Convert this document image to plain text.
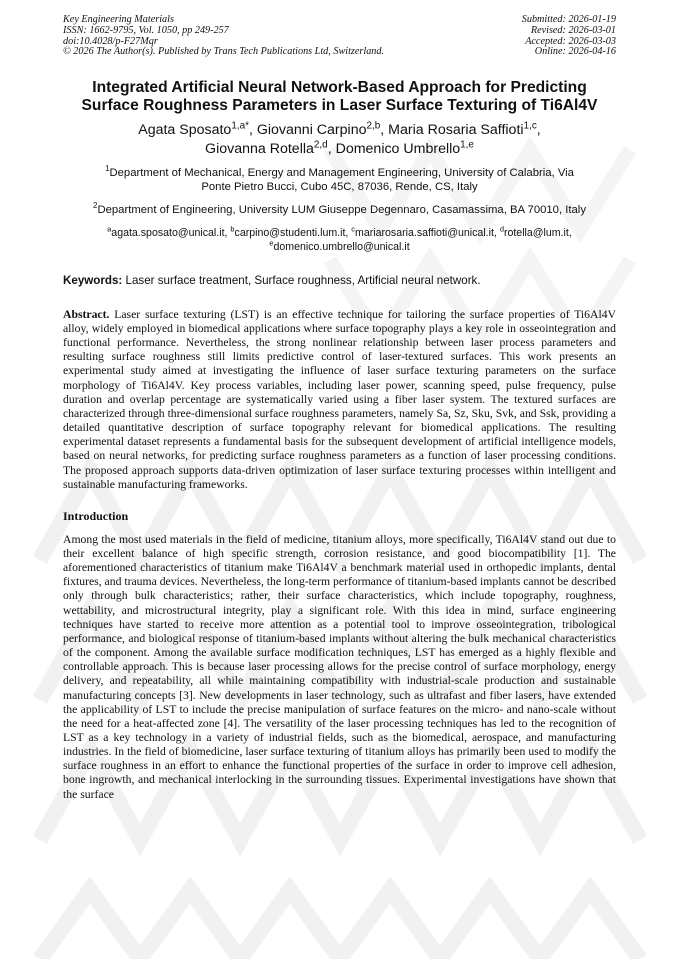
Key Engineering Materials
ISSN: 1662-9795, Vol. 1050, pp 249-257
doi:10.4028/p-F27Mqr
© 2026 The Author(s). Published by Trans Tech Publications Ltd, Switzerland.
Submitted: 2026-01-19
Revised: 2026-03-01
Accepted: 2026-03-03
Online: 2026-04-16
Integrated Artificial Neural Network-Based Approach for Predicting
Surface Roughness Parameters in Laser Surface Texturing of Ti6Al4V
Agata Sposato$^{1,a*}$, Giovanni Carpino$^{2,b}$, Maria Rosaria Saffioti$^{1,c}$,
Giovanna Rotella$^{2,d}$, Domenico Umbrello$^{1,e}$
$^1$Department of Mechanical, Energy and Management Engineering, University of Calabria, Via
Ponte Pietro Bucci, Cubo 45C, 87036, Rende, CS, Italy
$^2$Department of Engineering, University LUM Giuseppe Degennaro, Casamassima, BA 70010, Italy
$^a$agata.sposato@unical.it, $^b$carpino@studenti.lum.it, $^c$mariarosaria.saffioti@unical.it, $^d$rotella@lum.it,
$^e$domenico.umbrello@unical.it
Keywords: Laser surface treatment, Surface roughness, Artificial neural network.
Abstract. Laser surface texturing (LST) is an effective technique for tailoring the surface properties of Ti6Al4V alloy, widely employed in biomedical applications where surface topography plays a key role in osseointegration and functional performance. Nevertheless, the strong nonlinear relationship between laser process parameters and resulting surface roughness still limits predictive control of laser-textured surfaces. This work presents an experimental study aimed at investigating the influence of laser surface texturing parameters on the surface morphology of Ti6Al4V. Key process variables, including laser power, scanning speed, pulse frequency, pulse duration and overlap percentage are systematically varied using a fiber laser system. The textured surfaces are characterized through three-dimensional surface roughness parameters, namely Sa, Sz, Sku, Svk, and Ssk, providing a detailed quantitative description of surface topography relevant for biomedical applications. The resulting experimental dataset represents a fundamental basis for the subsequent development of artificial intelligence models, based on neural networks, for predicting surface roughness parameters as a function of laser processing conditions. The proposed approach supports data-driven optimization of laser surface texturing processes within intelligent and sustainable manufacturing frameworks.
Introduction
Among the most used materials in the field of medicine, titanium alloys, more specifically, Ti6Al4V stand out due to their excellent balance of high specific strength, corrosion resistance, and good biocompatibility [1]. The aforementioned characteristics of titanium make Ti6Al4V a benchmark material used in orthopedic implants, dental fixtures, and trauma devices. Nevertheless, the long-term performance of titanium-based implants cannot be described only through bulk characteristics; rather, their surface characteristics, which include topography, roughness, wettability, and microstructural integrity, play a significant role. With this idea in mind, surface engineering techniques have started to receive more attention as a potential tool to improve osseointegration, tribological performance, and biological response of titanium-based implants without altering the bulk mechanical characteristics of the component. Among the available surface modification techniques, LST has emerged as a highly flexible and controllable approach. This is because laser processing allows for the precise control of surface morphology, energy delivery, and repeatability, all while maintaining compatibility with industrial-scale production and sustainable manufacturing concepts [3]. New developments in laser technology, such as ultrafast and fiber lasers, have extended the applicability of LST to include the precise manipulation of surface features on the micro- and nano-scale without the need for a heat-affected zone [4]. The versatility of the laser processing techniques has led to the recognition of LST as a key technology in a variety of industrial fields, such as the biomedical, aerospace, and manufacturing industries. In the field of biomedicine, laser surface texturing of titanium alloys has primarily been used to modify the surface roughness in an effort to enhance the functional properties of the surface in order to improve cell adhesion, bone ingrowth, and mechanical interlocking in the surrounding tissues. Experimental investigations have shown that the surface
